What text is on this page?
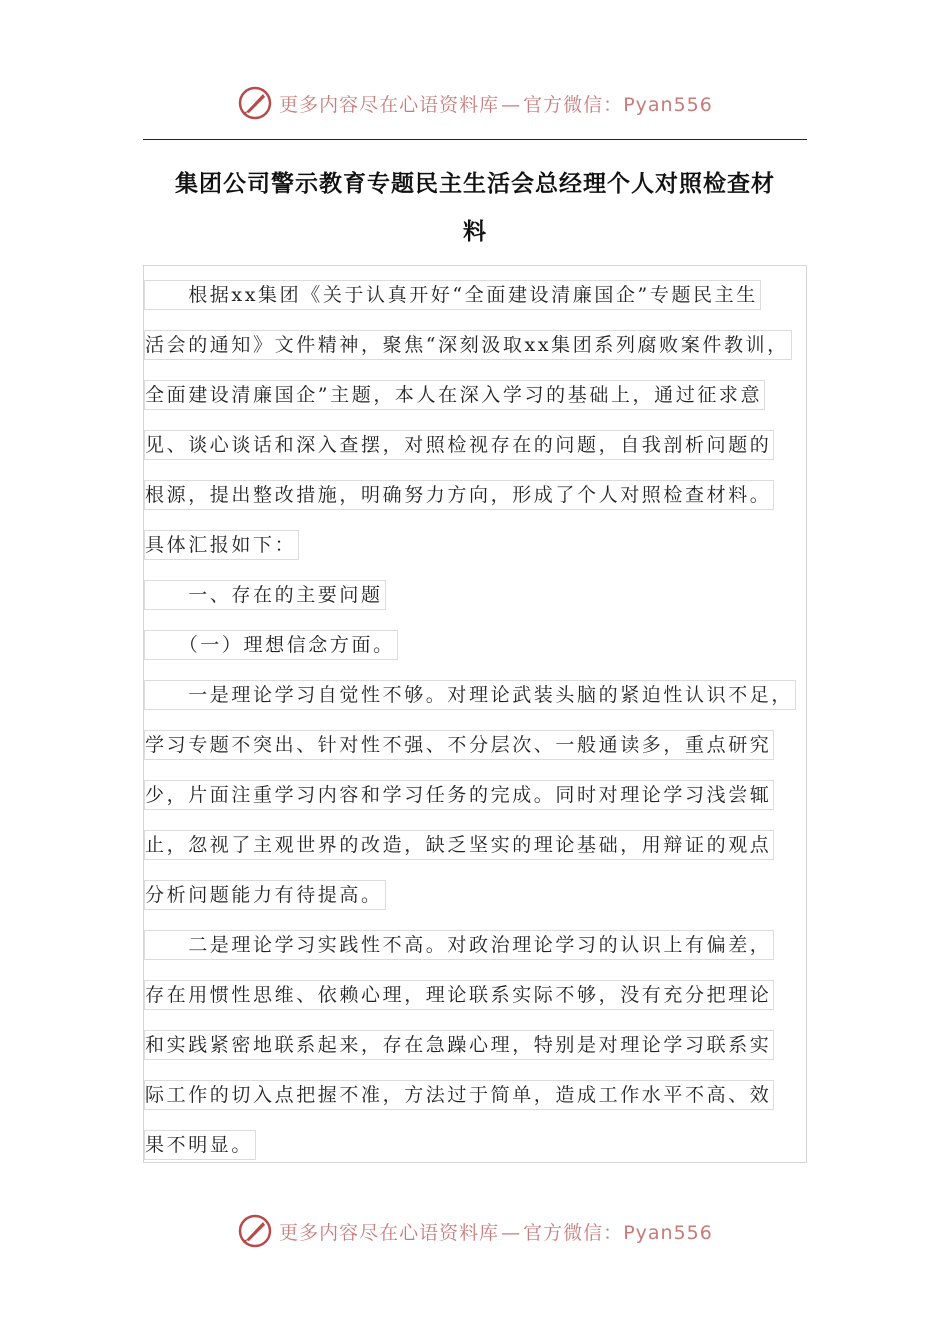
更多内容尽在心语资料库 — 官方微信：Pyan556
集团公司警示教育专题民主生活会总经理个人对照检查材
料
　　根据xx集团《关于认真开好“全面建设清廉国企”专题民主生
活会的通知》文件精神，聚焦“深刻汲取xx集团系列腐败案件教训，
全面建设清廉国企”主题，本人在深入学习的基础上，通过征求意
见、谈心谈话和深入查摆，对照检视存在的问题，自我剖析问题的
根源，提出整改措施，明确努力方向，形成了个人对照检查材料。
具体汇报如下：
　　一、存在的主要问题
　　（一）理想信念方面。
　　一是理论学习自觉性不够。对理论武装头脑的紧迫性认识不足，
学习专题不突出、针对性不强、不分层次、一般通读多，重点研究
少，片面注重学习内容和学习任务的完成。同时对理论学习浅尝辄
止，忽视了主观世界的改造，缺乏坚实的理论基础，用辩证的观点
分析问题能力有待提高。
　　二是理论学习实践性不高。对政治理论学习的认识上有偏差，
存在用惯性思维、依赖心理，理论联系实际不够，没有充分把理论
和实践紧密地联系起来，存在急躁心理，特别是对理论学习联系实
际工作的切入点把握不准，方法过于简单，造成工作水平不高、效
果不明显。
更多内容尽在心语资料库 — 官方微信：Pyan556
